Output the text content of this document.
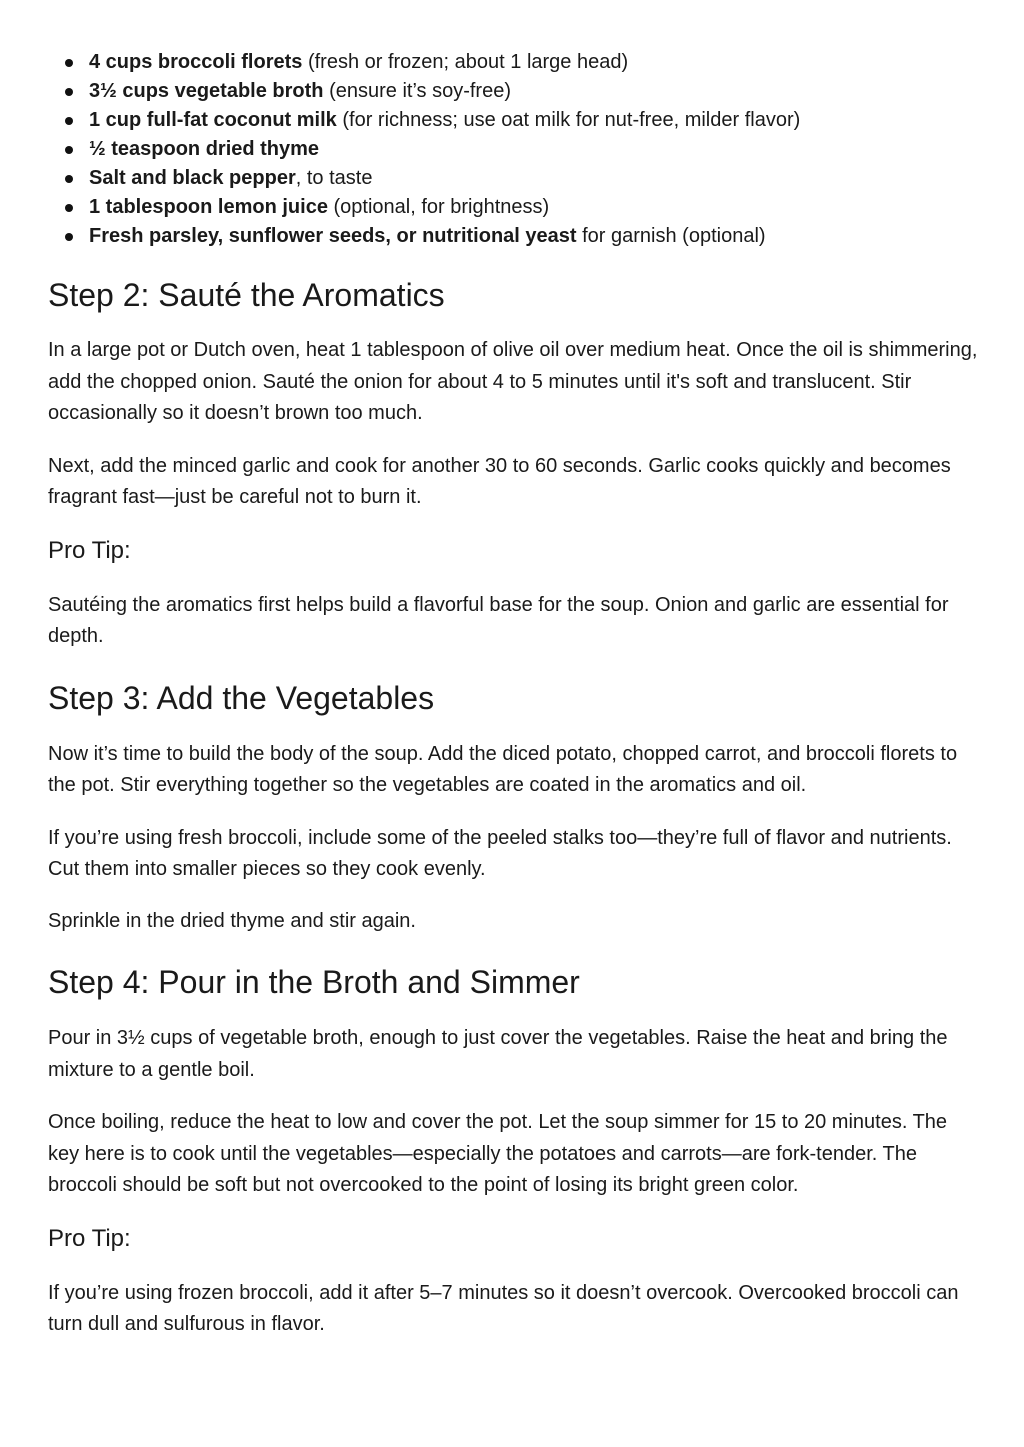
4 cups broccoli florets (fresh or frozen; about 1 large head)
3½ cups vegetable broth (ensure it’s soy-free)
1 cup full-fat coconut milk (for richness; use oat milk for nut-free, milder flavor)
½ teaspoon dried thyme
Salt and black pepper, to taste
1 tablespoon lemon juice (optional, for brightness)
Fresh parsley, sunflower seeds, or nutritional yeast for garnish (optional)
Step 2: Sauté the Aromatics

In a large pot or Dutch oven, heat 1 tablespoon of olive oil over medium heat. Once the oil is shimmering, add the chopped onion. Sauté the onion for about 4 to 5 minutes until it's soft and translucent. Stir occasionally so it doesn’t brown too much.

Next, add the minced garlic and cook for another 30 to 60 seconds. Garlic cooks quickly and becomes fragrant fast—just be careful not to burn it.

Pro Tip:

Sautéing the aromatics first helps build a flavorful base for the soup. Onion and garlic are essential for depth.

Step 3: Add the Vegetables

Now it’s time to build the body of the soup. Add the diced potato, chopped carrot, and broccoli florets to the pot. Stir everything together so the vegetables are coated in the aromatics and oil.

If you’re using fresh broccoli, include some of the peeled stalks too—they’re full of flavor and nutrients. Cut them into smaller pieces so they cook evenly.

Sprinkle in the dried thyme and stir again.

Step 4: Pour in the Broth and Simmer

Pour in 3½ cups of vegetable broth, enough to just cover the vegetables. Raise the heat and bring the mixture to a gentle boil.

Once boiling, reduce the heat to low and cover the pot. Let the soup simmer for 15 to 20 minutes. The key here is to cook until the vegetables—especially the potatoes and carrots—are fork-tender. The broccoli should be soft but not overcooked to the point of losing its bright green color.

Pro Tip:

If you’re using frozen broccoli, add it after 5–7 minutes so it doesn’t overcook. Overcooked broccoli can turn dull and sulfurous in flavor.
